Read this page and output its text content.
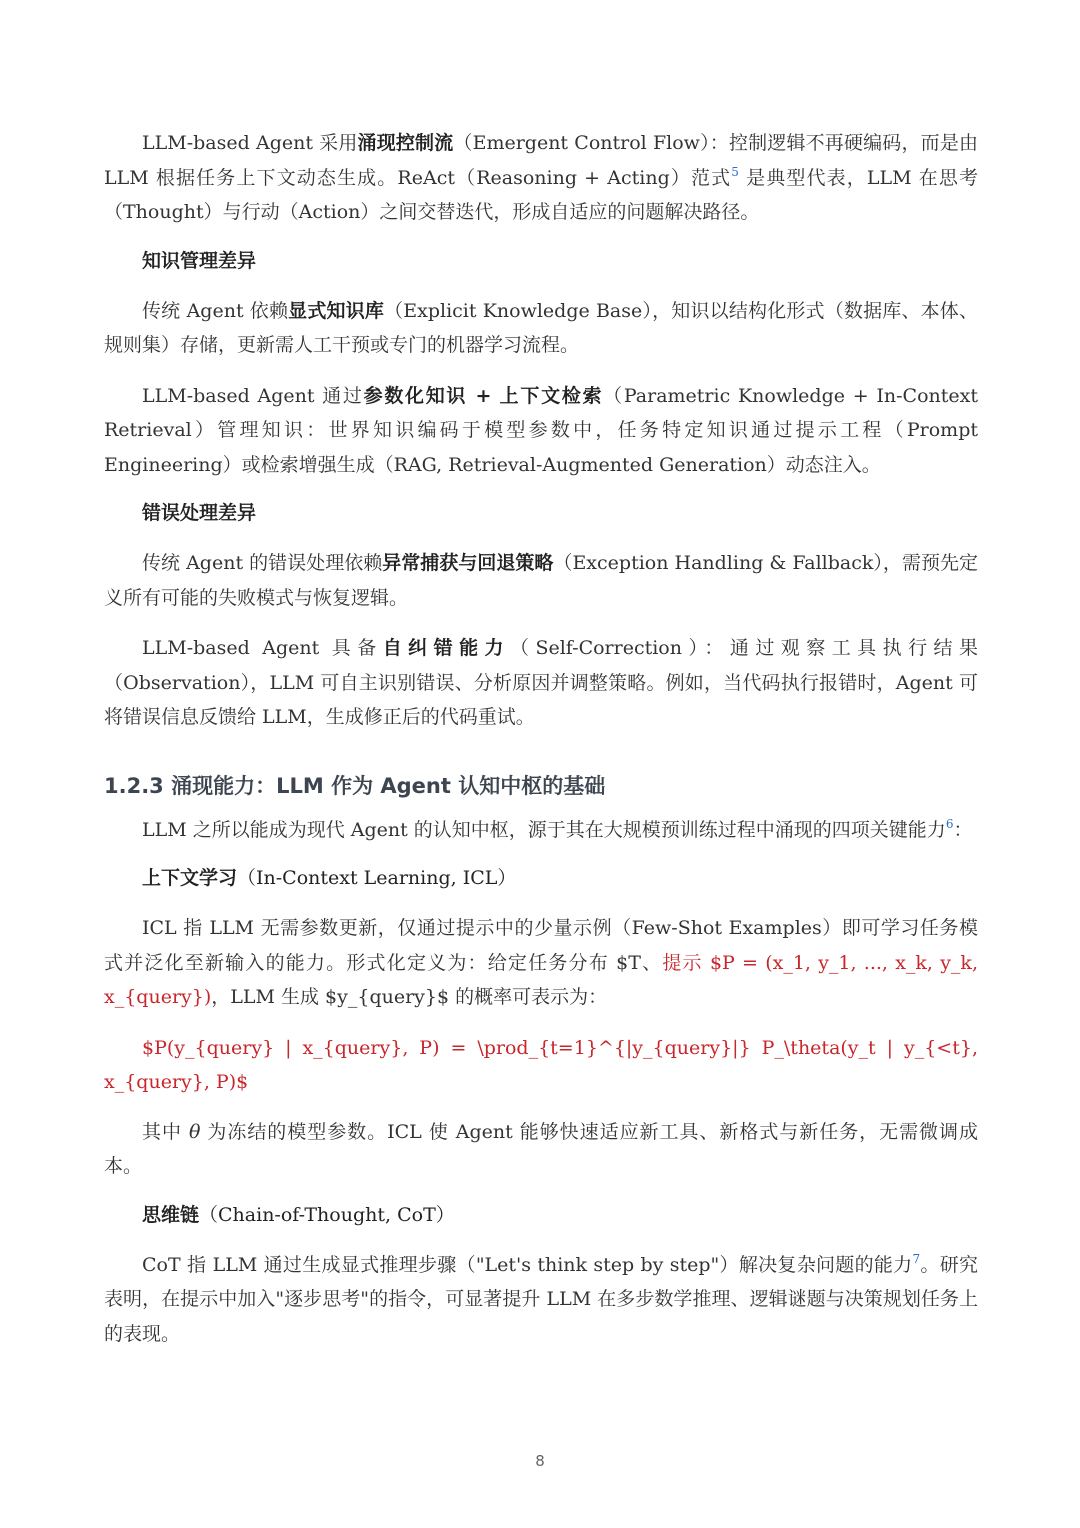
LLM-based Agent 采用涌现控制流（Emergent Control Flow）：控制逻辑不再硬编码，而是由 LLM 根据任务上下文动态生成。ReAct（Reasoning + Acting）范式$^5$ 是典型代表，LLM 在思考（Thought）与行动（Action）之间交替迭代，形成自适应的问题解决路径。

知识管理差异

传统 Agent 依赖显式知识库（Explicit Knowledge Base），知识以结构化形式（数据库、本体、规则集）存储，更新需人工干预或专门的机器学习流程。

LLM-based Agent 通过参数化知识 + 上下文检索（Parametric Knowledge + In-Context Retrieval）管理知识：世界知识编码于模型参数中，任务特定知识通过提示工程（Prompt Engineering）或检索增强生成（RAG, Retrieval-Augmented Generation）动态注入。

错误处理差异

传统 Agent 的错误处理依赖异常捕获与回退策略（Exception Handling & Fallback），需预先定义所有可能的失败模式与恢复逻辑。

LLM-based Agent 具备自纠错能力（Self-Correction）：通过观察工具执行结果（Observation），LLM 可自主识别错误、分析原因并调整策略。例如，当代码执行报错时，Agent 可将错误信息反馈给 LLM，生成修正后的代码重试。

1.2.3 涌现能力：LLM 作为 Agent 认知中枢的基础

LLM 之所以能成为现代 Agent 的认知中枢，源于其在大规模预训练过程中涌现的四项关键能力$^6$：

上下文学习（In-Context Learning, ICL）

ICL 指 LLM 无需参数更新，仅通过提示中的少量示例（Few-Shot Examples）即可学习任务模式并泛化至新输入的能力。形式化定义为：给定任务分布 $T、提示 $P = (x_1, y_1, ..., x_k, y_k, x_{query})，LLM 生成 $y_{query}$ 的概率可表示为：

$P(y_{query} | x_{query}, P) = \prod_{t=1}^{|y_{query}|} P_\theta(y_t | y_{<t}, x_{query}, P)$

其中 θ 为冻结的模型参数。ICL 使 Agent 能够快速适应新工具、新格式与新任务，无需微调成本。

思维链（Chain-of-Thought, CoT）

CoT 指 LLM 通过生成显式推理步骤（"Let's think step by step"）解决复杂问题的能力$^7$。研究表明，在提示中加入"逐步思考"的指令，可显著提升 LLM 在多步数学推理、逻辑谜题与决策规划任务上的表现。

8
